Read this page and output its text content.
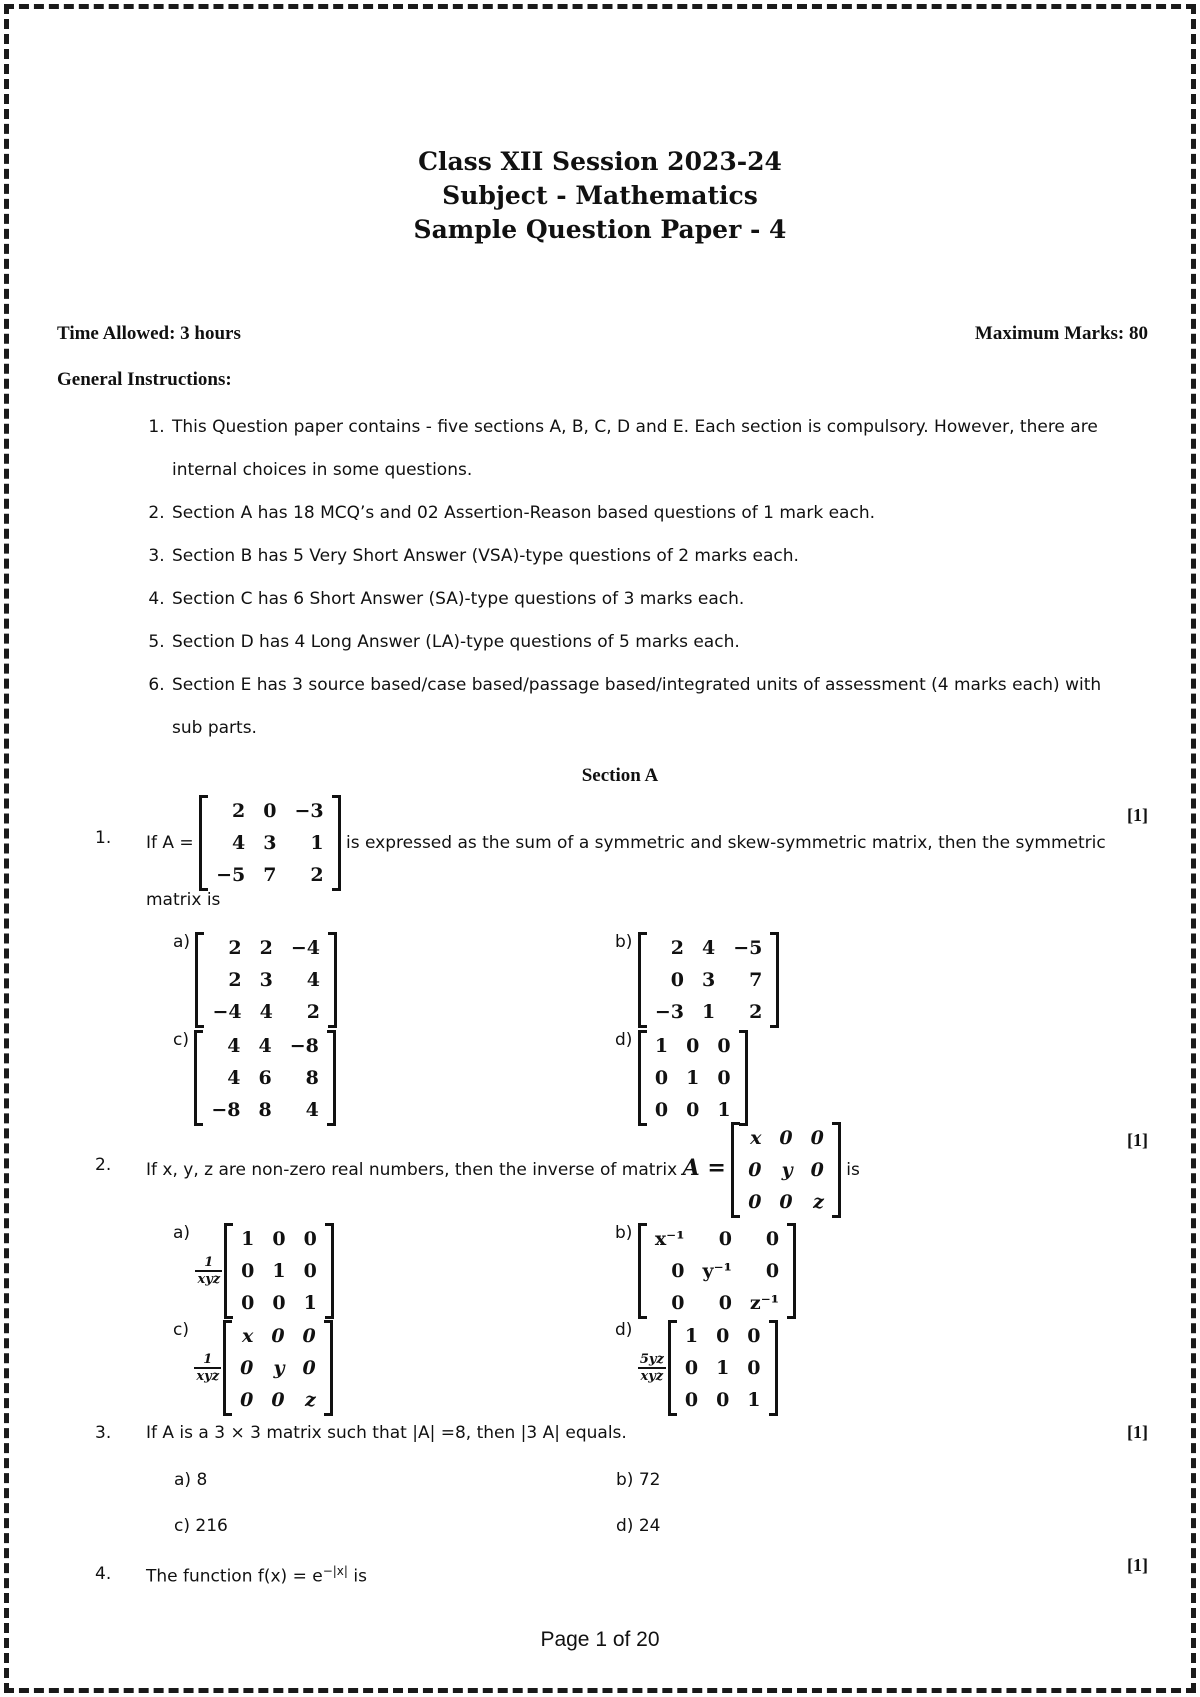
Class XII Session 2023-24
Subject - Mathematics
Sample Question Paper - 4
Time Allowed: 3 hours	Maximum Marks: 80
General Instructions:
1. This Question paper contains - five sections A, B, C, D and E. Each section is compulsory. However, there are internal choices in some questions.
2. Section A has 18 MCQ’s and 02 Assertion-Reason based questions of 1 mark each.
3. Section B has 5 Very Short Answer (VSA)-type questions of 2 marks each.
4. Section C has 6 Short Answer (SA)-type questions of 3 marks each.
5. Section D has 4 Long Answer (LA)-type questions of 5 marks each.
6. Section E has 3 source based/case based/passage based/integrated units of assessment (4 marks each) with sub parts.
Section A
1. If A =
2	0	−3
4	3	1
−5	7	2
is expressed as the sum of a symmetric and skew-symmetric matrix, then the symmetric
matrix is
[1]
a) 2	2	−4
2	3	4
−4	4	2
b) 2	4	−5
0	3	7
−3	1	2
c) 4	4	−8
4	6	8
−8	8	4
d) 1	0	0
0	1	0
0	0	1
2. If x, y, z are non-zero real numbers, then the inverse of matrix A =
x	0	0
0	y	0
0	0	z
is
[1]
a)
$\frac{1}{\text{xyz}}$
1	0	0
0	1	0
0	0	1
b) x⁻¹	0	0
0	y⁻¹	0
0	0	z⁻¹
c)
$\frac{1}{\text{xyz}}$
x	0	0
0	y	0
0	0	z
d)
$\frac{5yz}{\text{xyz}}$
1	0	0
0	1	0
0	0	1
3. If A is a 3 × 3 matrix such that |A| =8, then |3 A| equals.	[1]
a) 8	b) 72
c) 216	d) 24
4. The function $f(x) = e^{-|x|}$ is
[1]
Page 1 of 20
